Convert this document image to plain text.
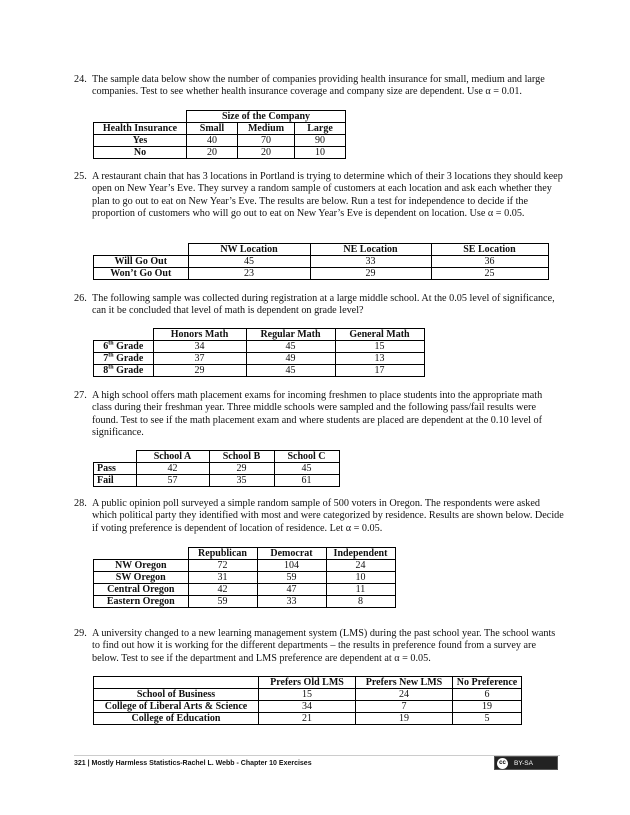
24. The sample data below show the number of companies providing health insurance for small, medium and large companies. Test to see whether health insurance coverage and company size are dependent. Use α = 0.01.
	Size of the Company		
Health Insurance	Small	Medium	Large
Yes	40	70	90
No	20	20	10
25. A restaurant chain that has 3 locations in Portland is trying to determine which of their 3 locations they should keep open on New Year’s Eve. They survey a random sample of customers at each location and ask each whether they plan to go out to eat on New Year’s Eve. The results are below. Run a test for independence to decide if the proportion of customers who will go out to eat on New Year’s Eve is dependent on location. Use α = 0.05.
	NW Location	NE Location	SE Location
Will Go Out	45	33	36
Won’t Go Out	23	29	25
26. The following sample was collected during registration at a large middle school. At the 0.05 level of significance, can it be concluded that level of math is dependent on grade level?
	Honors Math	Regular Math	General Math
6th Grade	34	45	15
7th Grade	37	49	13
8th Grade	29	45	17
27. A high school offers math placement exams for incoming freshmen to place students into the appropriate math class during their freshman year. Three middle schools were sampled and the following pass/fail results were found. Test to see if the math placement exam and where students are placed are dependent at the 0.10 level of significance.
	School A	School B	School C
Pass	42	29	45
Fail	57	35	61
28. A public opinion poll surveyed a simple random sample of 500 voters in Oregon. The respondents were asked which political party they identified with most and were categorized by residence. Results are shown below. Decide if voting preference is dependent of location of residence. Let α = 0.05.
	Republican	Democrat	Independent
NW Oregon	72	104	24
SW Oregon	31	59	10
Central Oregon	42	47	11
Eastern Oregon	59	33	8
29. A university changed to a new learning management system (LMS) during the past school year. The school wants to find out how it is working for the different departments – the results in preference found from a survey are below. Test to see if the department and LMS preference are dependent at α = 0.05.
	Prefers Old LMS	Prefers New LMS	No Preference
School of Business	15	24	6
College of Liberal Arts & Science	34	7	19
College of Education	21	19	5
321 | Mostly Harmless Statistics-Rachel L. Webb - Chapter 10 Exercises	cc	BY-SA
